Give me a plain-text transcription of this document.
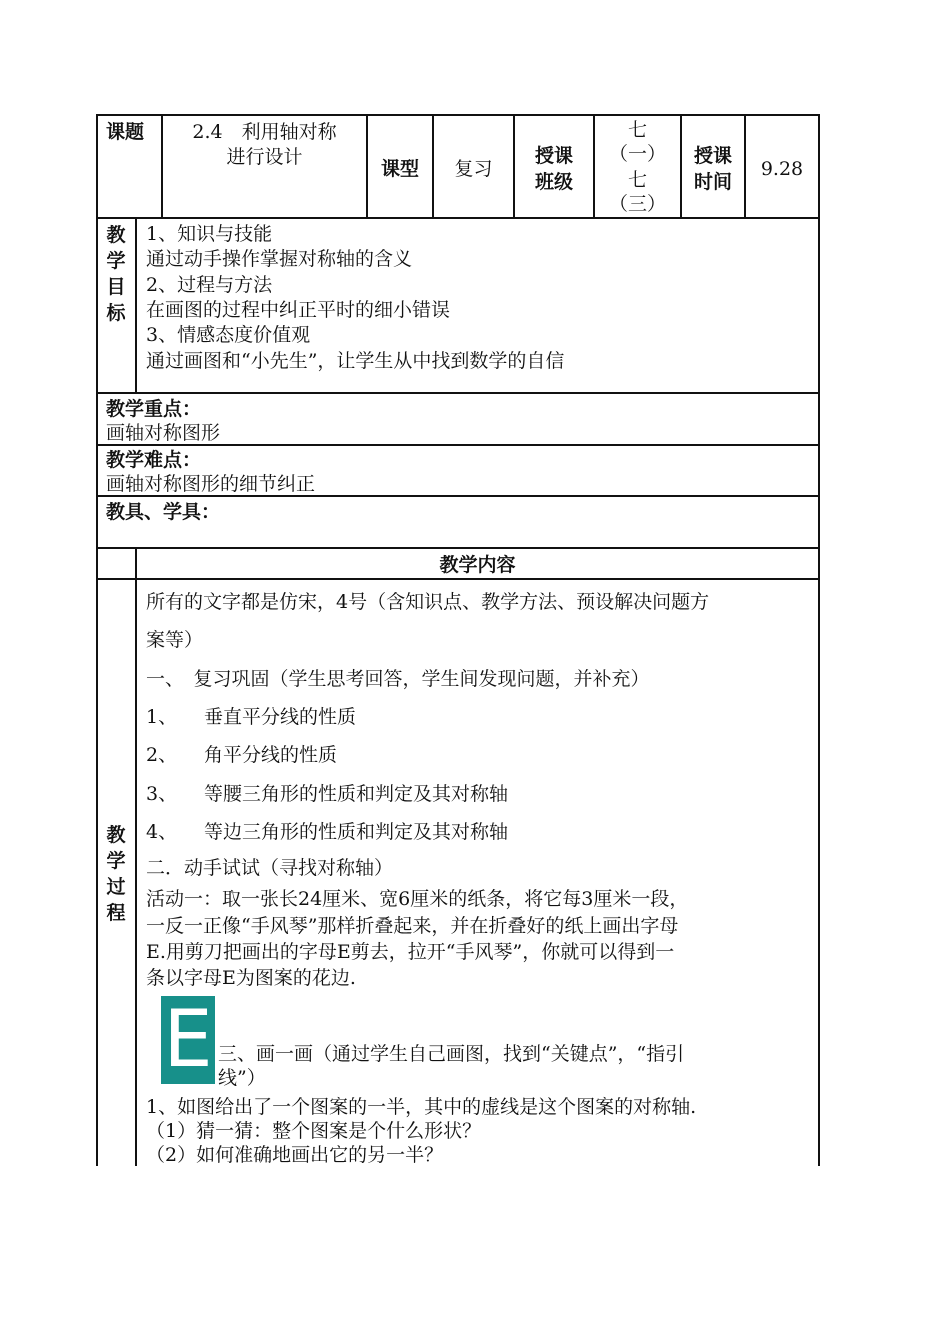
课题	2.4　利用轴对称
进行设计
课型	复习
授课
班级
七
（一）
七
（三）
授课
时间
9.28
教学目标
1、知识与技能
通过动手操作掌握对称轴的含义
2、过程与方法
在画图的过程中纠正平时的细小错误
3、情感态度价值观
通过画图和“小先生”，让学生从中找到数学的自信
教学重点：
画轴对称图形
教学难点：
画轴对称图形的细节纠正
教具、学具：
教学内容
教学过程
所有的文字都是仿宋，4号（含知识点、教学方法、预设解决问题方
案等）
一、　复习巩固（学生思考回答，学生间发现问题，并补充）
1、 垂直平分线的性质
2、 角平分线的性质
3、 等腰三角形的性质和判定及其对称轴
4、 等边三角形的性质和判定及其对称轴
二．动手试试（寻找对称轴）
活动一：取一张长24厘米、宽6厘米的纸条，将它每3厘米一段，
一反一正像“手风琴”那样折叠起来，并在折叠好的纸上画出字母
E.用剪刀把画出的字母E剪去，拉开“手风琴”，你就可以得到一
条以字母E为图案的花边.
E 三、画一画（通过学生自己画图，找到“关键点”，“指引
线”）
1、如图给出了一个图案的一半，其中的虚线是这个图案的对称轴.
（1）猜一猜：整个图案是个什么形状？
（2）如何准确地画出它的另一半？
